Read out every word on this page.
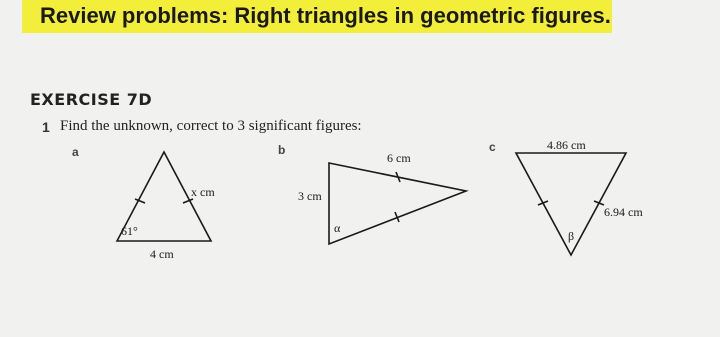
Review problems: Right triangles in geometric figures.
EXERCISE 7D
1 Find the unknown, correct to 3 significant figures:
a	b	c
x cm
61°
4 cm
6 cm
3 cm
α
4.86 cm
6.94 cm
β
